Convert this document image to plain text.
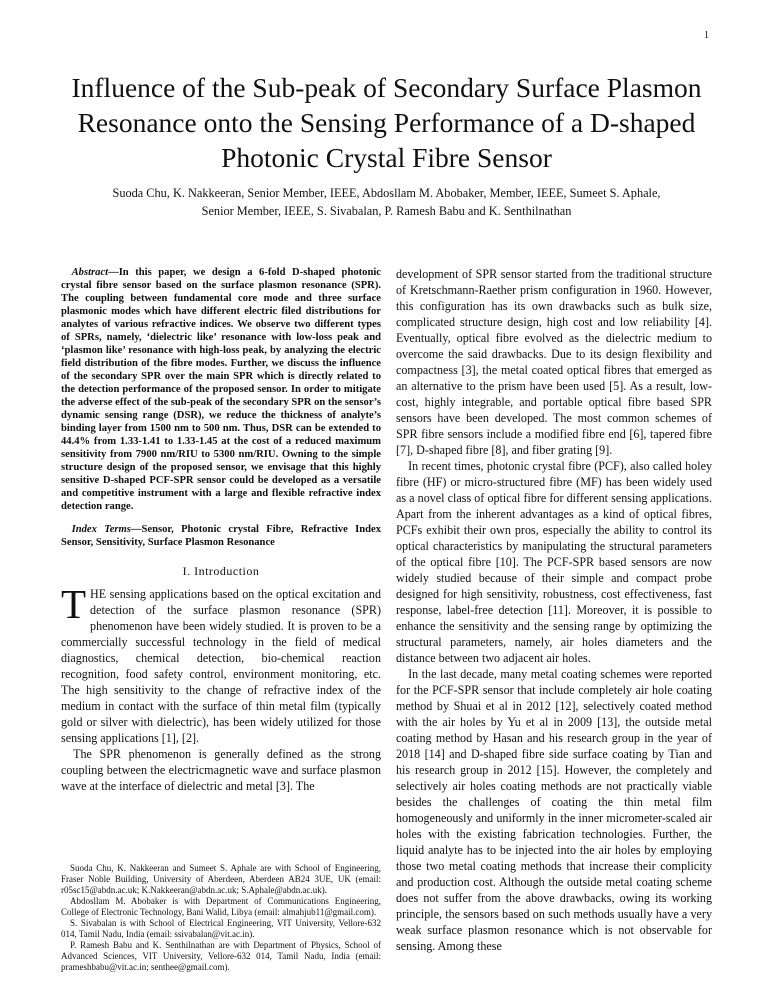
1
Influence of the Sub-peak of Secondary Surface Plasmon Resonance onto the Sensing Performance of a D-shaped Photonic Crystal Fibre Sensor
Suoda Chu, K. Nakkeeran, Senior Member, IEEE, Abdosllam M. Abobaker, Member, IEEE, Sumeet S. Aphale,
Senior Member, IEEE, S. Sivabalan, P. Ramesh Babu and K. Senthilnathan

Abstract—In this paper, we design a 6-fold D-shaped photonic crystal fibre sensor based on the surface plasmon resonance (SPR). The coupling between fundamental core mode and three surface plasmonic modes which have different electric filed distributions for analytes of various refractive indices. We observe two different types of SPRs, namely, ‘dielectric like’ resonance with low-loss peak and ‘plasmon like’ resonance with high-loss peak, by analyzing the electric field distribution of the fibre modes. Further, we discuss the influence of the secondary SPR over the main SPR which is directly related to the detection performance of the proposed sensor. In order to mitigate the adverse effect of the sub-peak of the secondary SPR on the sensor’s dynamic sensing range (DSR), we reduce the thickness of analyte’s binding layer from 1500 nm to 500 nm. Thus, DSR can be extended to 44.4% from 1.33-1.41 to 1.33-1.45 at the cost of a reduced maximum sensitivity from 7900 nm/RIU to 5300 nm/RIU. Owning to the simple structure design of the proposed sensor, we envisage that this highly sensitive D-shaped PCF-SPR sensor could be developed as a versatile and competitive instrument with a large and flexible refractive index detection range.

Index Terms—Sensor, Photonic crystal Fibre, Refractive Index Sensor, Sensitivity, Surface Plasmon Resonance

I. Introduction

THE sensing applications based on the optical excitation and detection of the surface plasmon resonance (SPR) phenomenon have been widely studied. It is proven to be a commercially successful technology in the field of medical diagnostics, chemical detection, bio-chemical reaction recognition, food safety control, environment monitoring, etc. The high sensitivity to the change of refractive index of the medium in contact with the surface of thin metal film (typically gold or silver with dielectric), has been widely utilized for those sensing applications [1], [2].

The SPR phenomenon is generally defined as the strong coupling between the electricmagnetic wave and surface plasmon wave at the interface of dielectric and metal [3]. The

Suoda Chu, K. Nakkeeran and Sumeet S. Aphale are with School of Engineering, Fraser Noble Building, University of Aberdeen, Aberdeen AB24 3UE, UK (email: r05sc15@abdn.ac.uk; K.Nakkeeran@abdn.ac.uk; S.Aphale@abdn.ac.uk).

Abdosllam M. Abobaker is with Department of Communications Engineering, College of Electronic Technology, Bani Walid, Libya (email: almahjub11@gmail.com).

S. Sivabalan is with School of Electrical Engineering, VIT University, Vellore-632 014, Tamil Nadu, India (email: ssivabalan@vit.ac.in).

P. Ramesh Babu and K. Senthilnathan are with Department of Physics, School of Advanced Sciences, VIT University, Vellore-632 014, Tamil Nadu, India (email: prameshbabu@vit.ac.in; senthee@gmail.com).

development of SPR sensor started from the traditional structure of Kretschmann-Raether prism configuration in 1960. However, this configuration has its own drawbacks such as bulk size, complicated structure design, high cost and low reliability [4]. Eventually, optical fibre evolved as the dielectric medium to overcome the said drawbacks. Due to its design flexibility and compactness [3], the metal coated optical fibres that emerged as an alternative to the prism have been used [5]. As a result, low-cost, highly integrable, and portable optical fibre based SPR sensors have been developed. The most common schemes of SPR fibre sensors include a modified fibre end [6], tapered fibre [7], D-shaped fibre [8], and fiber grating [9].

In recent times, photonic crystal fibre (PCF), also called holey fibre (HF) or micro-structured fibre (MF) has been widely used as a novel class of optical fibre for different sensing applications. Apart from the inherent advantages as a kind of optical fibres, PCFs exhibit their own pros, especially the ability to control its optical characteristics by manipulating the structural parameters of the optical fibre [10]. The PCF-SPR based sensors are now widely studied because of their simple and compact probe designed for high sensitivity, robustness, cost effectiveness, fast response, label-free detection [11]. Moreover, it is possible to enhance the sensitivity and the sensing range by optimizing the structural parameters, namely, air holes diameters and the distance between two adjacent air holes.

In the last decade, many metal coating schemes were reported for the PCF-SPR sensor that include completely air hole coating method by Shuai et al in 2012 [12], selectively coated method with the air holes by Yu et al in 2009 [13], the outside metal coating method by Hasan and his research group in the year of 2018 [14] and D-shaped fibre side surface coating by Tian and his research group in 2012 [15]. However, the completely and selectively air holes coating methods are not practically viable besides the challenges of coating the thin metal film homogeneously and uniformly in the inner micrometer-scaled air holes with the existing fabrication technologies. Further, the liquid analyte has to be injected into the air holes by employing those two metal coating methods that increase their complicity and production cost. Although the outside metal coating scheme does not suffer from the above drawbacks, owing its working principle, the sensors based on such methods usually have a very weak surface plasmon resonance which is not observable for sensing. Among these
